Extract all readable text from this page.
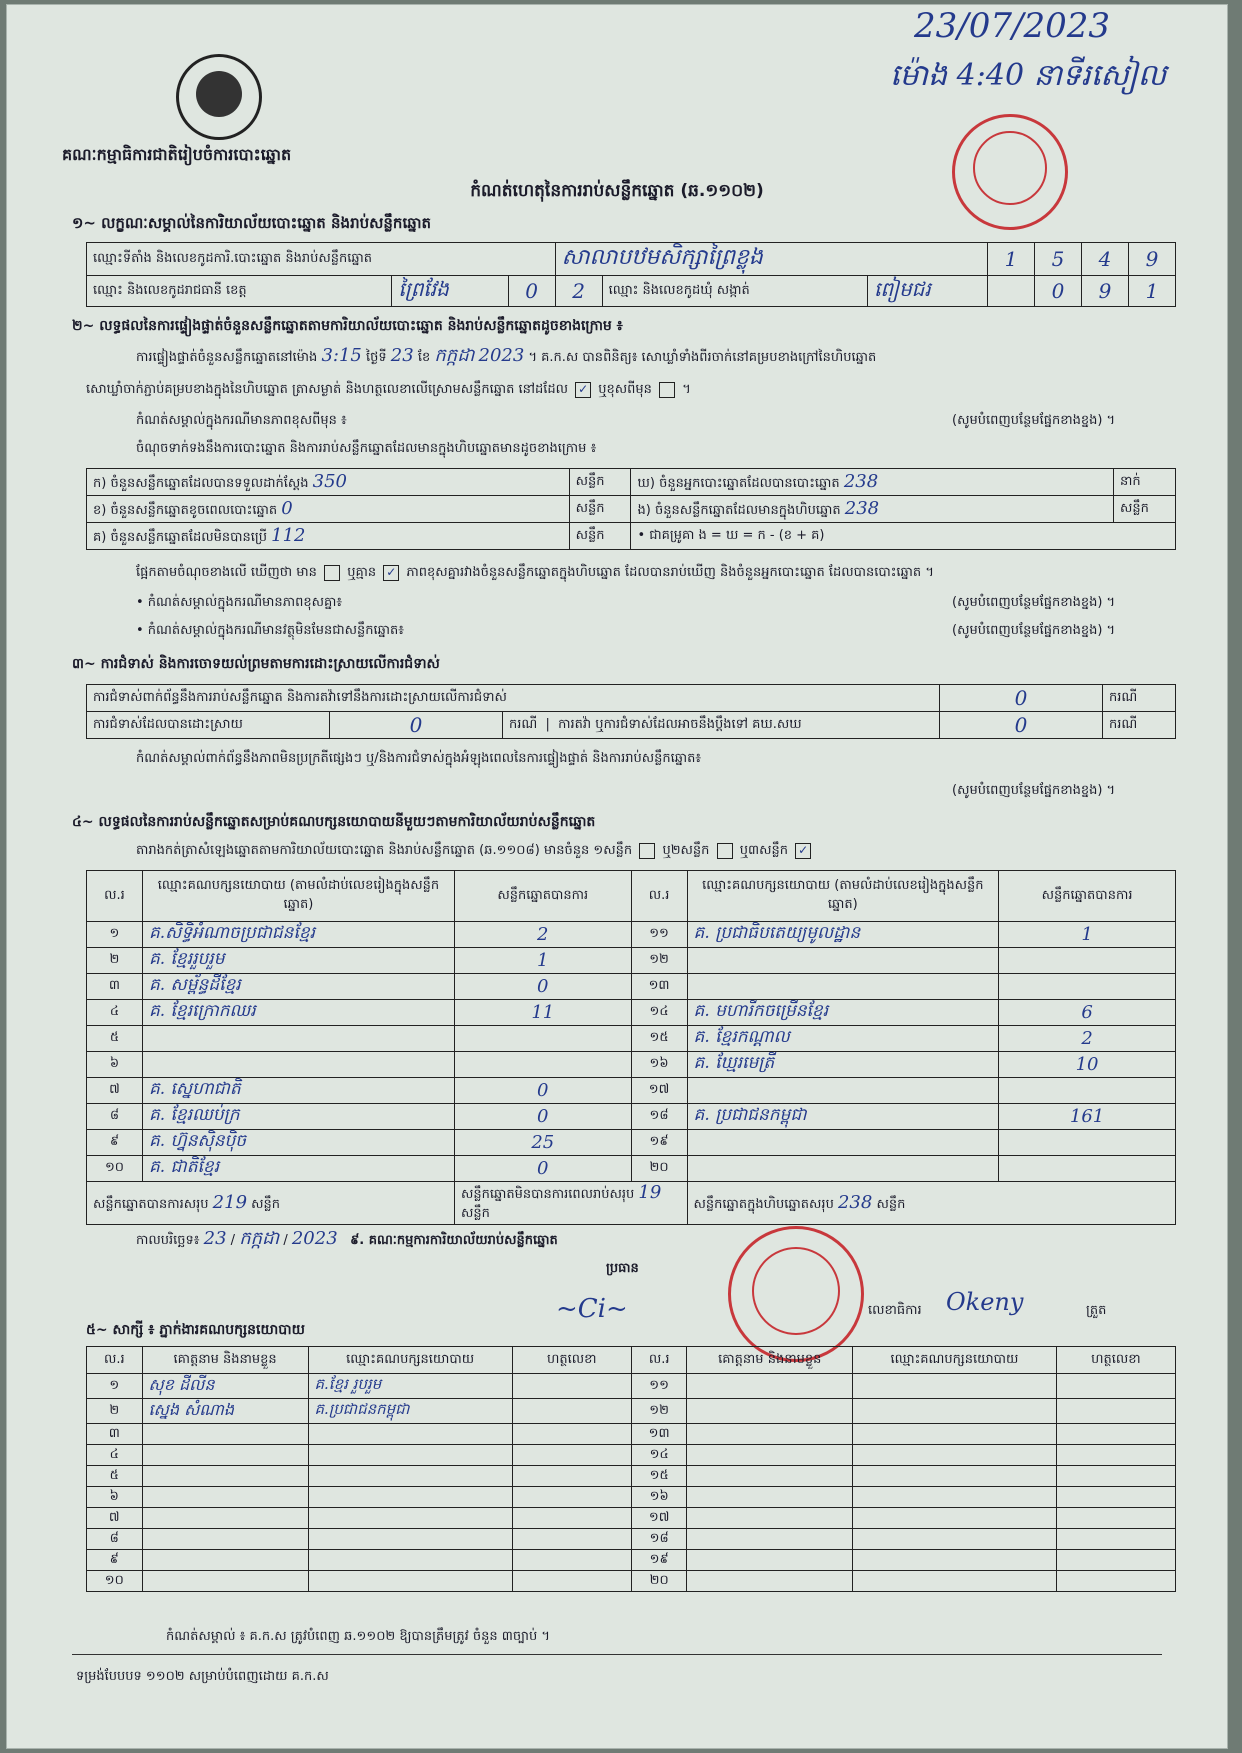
23/07/2023
ម៉ោង 4:40 នាទីរសៀល
គណៈកម្មាធិការជាតិរៀបចំការបោះឆ្នោត
កំណត់ហេតុនៃការរាប់សន្លឹកឆ្នោត (ឆ.១១០២)
១~ លក្ខណៈសម្គាល់នៃការិយាល័យបោះឆ្នោត និងរាប់សន្លឹកឆ្នោត
ឈ្មោះទីតាំង និងលេខកូដការិ.បោះឆ្នោត និងរាប់សន្លឹកឆ្នោត			សាលាបឋមសិក្សាព្រៃខ្លុង			1	5	4	9
ឈ្មោះ និងលេខកូដរាជធានី ខេត្ត	ព្រៃវែង	0	2	ឈ្មោះ និងលេខកូដឃុំ សង្កាត់	ពៀមជរ		0	9	1
២~ លទ្ធផលនៃការផ្ទៀងផ្ទាត់ចំនួនសន្លឹកឆ្នោតតាមការិយាល័យបោះឆ្នោត និងរាប់សន្លឹកឆ្នោតដូចខាងក្រោម ៖
ការផ្ទៀងផ្ទាត់ចំនួនសន្លឹកឆ្នោតនៅម៉ោង 3:15 ថ្ងៃទី 23 ខែ កក្កដា 2023 ។ គ.ក.ស បានពិនិត្យ៖ សោឃ្លាំទាំងពីរចាក់នៅគម្របខាងក្រៅនៃហិបឆ្នោត
សោឃ្លាំចាក់ភ្ជាប់គម្របខាងក្នុងនៃហិបឆ្នោត ត្រាសម្ងាត់ និងហត្ថលេខាលើស្រោមសន្លឹកឆ្នោត នៅដដែល ✓ ឬខុសពីមុន ។
កំណត់សម្គាល់ក្នុងករណីមានភាពខុសពីមុន ៖	(សូមបំពេញបន្ថែមផ្នែកខាងខ្នង) ។
ចំណុចទាក់ទងនឹងការបោះឆ្នោត និងការរាប់សន្លឹកឆ្នោតដែលមានក្នុងហិបឆ្នោតមានដូចខាងក្រោម ៖
ក) ចំនួនសន្លឹកឆ្នោតដែលបានទទួលដាក់ស្ដែង 350	សន្លឹក	ឃ) ចំនួនអ្នកបោះឆ្នោតដែលបានបោះឆ្នោត 238	នាក់
ខ) ចំនួនសន្លឹកឆ្នោតខូចពេលបោះឆ្នោត 0	សន្លឹក	ង) ចំនួនសន្លឹកឆ្នោតដែលមានក្នុងហិបឆ្នោត 238	សន្លឹក
គ) ចំនួនសន្លឹកឆ្នោតដែលមិនបានប្រើ 112	សន្លឹក	• ជាគម្រូគា ង = ឃ = ក - (ខ + គ)	
ផ្អែកតាមចំណុចខាងលើ ឃើញថា មាន ឬគ្មាន ✓ ភាពខុសគ្នារវាងចំនួនសន្លឹកឆ្នោតក្នុងហិបឆ្នោត ដែលបានរាប់ឃើញ និងចំនួនអ្នកបោះឆ្នោត ដែលបានបោះឆ្នោត ។
• កំណត់សម្គាល់ក្នុងករណីមានភាពខុសគ្នា៖	(សូមបំពេញបន្ថែមផ្នែកខាងខ្នង) ។
• កំណត់សម្គាល់ក្នុងករណីមានវត្ថុមិនមែនជាសន្លឹកឆ្នោត៖	(សូមបំពេញបន្ថែមផ្នែកខាងខ្នង) ។
៣~ ការជំទាស់ និងការចោទយល់ព្រមតាមការដោះស្រាយលើការជំទាស់
ការជំទាស់ពាក់ព័ន្ធនឹងការរាប់សន្លឹកឆ្នោត និងការតវ៉ាទៅនឹងការដោះស្រាយលើការជំទាស់			0	ករណី
ការជំទាស់ដែលបានដោះស្រាយ	0	ករណី  |  ការតវ៉ា ឬការជំទាស់ដែលអាចនឹងប្ដឹងទៅ គឃ.សឃ	0	ករណី
កំណត់សម្គាល់ពាក់ព័ន្ធនឹងភាពមិនប្រក្រតីផ្សេងៗ ឬ/និងការជំទាស់ក្នុងអំឡុងពេលនៃការផ្ទៀងផ្ទាត់ និងការរាប់សន្លឹកឆ្នោត៖
(សូមបំពេញបន្ថែមផ្នែកខាងខ្នង) ។
៤~ លទ្ធផលនៃការរាប់សន្លឹកឆ្នោតសម្រាប់គណបក្សនយោបាយនីមួយៗតាមការិយាល័យរាប់សន្លឹកឆ្នោត
តារាងកត់ត្រាសំឡេងឆ្នោតតាមការិយាល័យបោះឆ្នោត និងរាប់សន្លឹកឆ្នោត (ឆ.១១០៨) មានចំនួន ១សន្លឹក ឬ២សន្លឹក ឬ៣សន្លឹក ✓
ល.រ	ឈ្មោះគណបក្សនយោបាយ (តាមលំដាប់លេខរៀងក្នុងសន្លឹកឆ្នោត)	សន្លឹកឆ្នោតបានការ	ល.រ	ឈ្មោះគណបក្សនយោបាយ (តាមលំដាប់លេខរៀងក្នុងសន្លឹកឆ្នោត)	សន្លឹកឆ្នោតបានការ
១	គ.សិទ្ធិអំណាចប្រជាជនខ្មែរ	2	១១	គ. ប្រជាធិបតេយ្យមូលដ្ឋាន	1
២	គ. ខ្មែររួបរួម	1	១២		
៣	គ. សម្ព័ន្ធដីខ្មែរ	0	១៣		
៤	គ. ខ្មែរក្រោកឈរ	11	១៤	គ. មហារីកចម្រើនខ្មែរ	6
៥			១៥	គ. ខ្មែរកណ្តាល	2
៦			១៦	គ. ឃ្មែរមេត្រី	10
៧	គ. ស្នេហាជាតិ	0	១៧		
៨	គ. ខ្មែរឈប់ក្រ	0	១៨	គ. ប្រជាជនកម្ពុជា	161
៩	គ. ហ្វ៊ុនស៊ិនប៉ិច	25	១៩		
១០	គ. ជាតិខ្មែរ	0	២០		
សន្លឹកឆ្នោតបានការសរុប 219 សន្លឹក		សន្លឹកឆ្នោតមិនបានការពេលរាប់សរុប 19 សន្លឹក		សន្លឹកឆ្នោតក្នុងហិបឆ្នោតសរុប 238 សន្លឹក	
កាលបរិច្ឆេទ៖ 23 / កក្កដា / 2023 ៩. គណៈកម្មការការិយាល័យរាប់សន្លឹកឆ្នោត
ប្រធាន
~Ci~	លេខាធិការ Okeny	ត្រួត
៥~ សាក្សី ៖ ភ្នាក់ងារគណបក្សនយោបាយ
ល.រ	គោត្តនាម និងនាមខ្លួន	ឈ្មោះគណបក្សនយោបាយ	ហត្ថលេខា	ល.រ	គោត្តនាម និងនាមខ្លួន	ឈ្មោះគណបក្សនយោបាយ	ហត្ថលេខា
១	សុខ ដីលីន	គ.ខ្មែរ រួបរួម		១១			
២	ស្នេង សំណាង	គ.ប្រជាជនកម្ពុជា		១២			
៣				១៣			
៤				១៤			
៥				១៥			
៦				១៦			
៧				១៧			
៨				១៨			
៩				១៩			
១០				២០			
កំណត់សម្គាល់ ៖ គ.ក.ស ត្រូវបំពេញ ឆ.១១០២ ឱ្យបានត្រឹមត្រូវ ចំនួន ៣ច្បាប់ ។
ទម្រង់បែបបទ ១១០២ សម្រាប់បំពេញដោយ គ.ក.ស
